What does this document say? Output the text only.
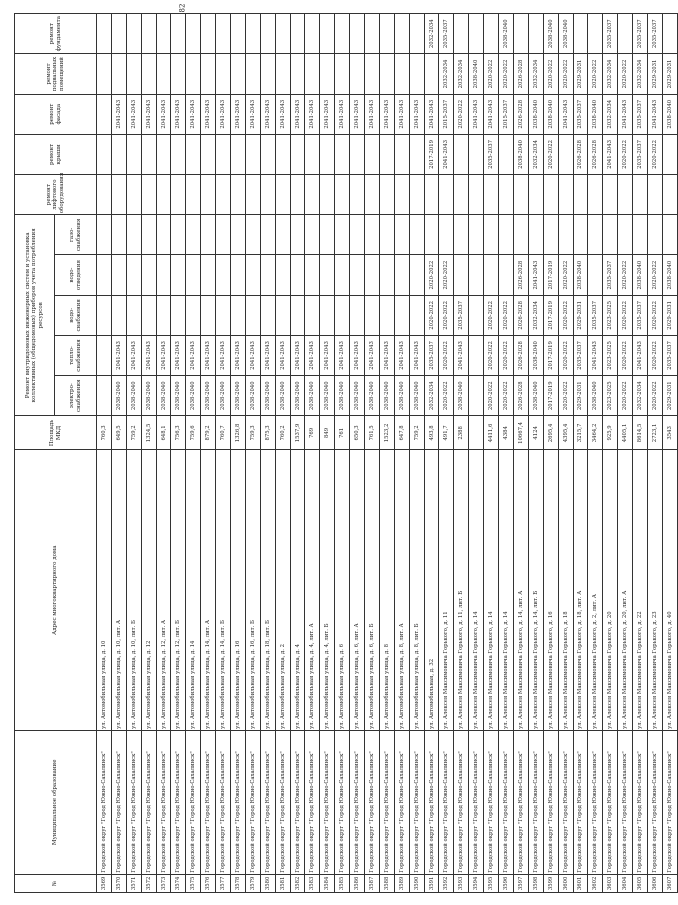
82
№	Муниципальное образование	Адрес многоквартирного дома	Площадь МКД	Ремонт внутридомовых инженерных систем и установка коллективных (общедомовых) приборов учета потребления ресурсов					ремонт лифтового оборудования	ремонт крыши	ремонт фасада	ремонт подвальных помещений	ремонт фундамента
				электро-снабжения	тепло-снабжения	водо-снабжения	водо-отведения	газо-снабжения					
3569	Городской округ "Город Южно-Сахалинск"	ул. Автомобильная улица, д. 10	760,3										
3570	Городской округ "Город Южно-Сахалинск"	ул. Автомобильная улица, д. 10, лит. А	649,5	2038-2040	2041-2043						2041-2043		
3571	Городской округ "Город Южно-Сахалинск"	ул. Автомобильная улица, д. 10, лит. Б	759,2	2038-2040	2041-2043						2041-2043		
3572	Городской округ "Город Южно-Сахалинск"	ул. Автомобильная улица, д. 12	1324,5	2038-2040	2041-2043						2041-2043		
3573	Городской округ "Город Южно-Сахалинск"	ул. Автомобильная улица, д. 12, лит. А	648,1	2038-2040	2041-2043						2041-2043		
3574	Городской округ "Город Южно-Сахалинск"	ул. Автомобильная улица, д. 12, лит. Б	756,3	2038-2040	2041-2043						2041-2043		
3575	Городской округ "Город Южно-Сахалинск"	ул. Автомобильная улица, д. 14	759,6	2038-2040	2041-2043						2041-2043		
3576	Городской округ "Город Южно-Сахалинск"	ул. Автомобильная улица, д. 14, лит. А	879,2	2038-2040	2041-2043						2041-2043		
3577	Городской округ "Город Южно-Сахалинск"	ул. Автомобильная улица, д. 14, лит. Б	760,7	2038-2040	2041-2043						2041-2043		
3578	Городской округ "Город Южно-Сахалинск"	ул. Автомобильная улица, д. 16	1326,8	2038-2040	2041-2043						2041-2043		
3579	Городской округ "Город Южно-Сахалинск"	ул. Автомобильная улица, д. 16, лит. Б	759,3	2038-2040	2041-2043						2041-2043		
3580	Городской округ "Город Южно-Сахалинск"	ул. Автомобильная улица, д. 18, лит. Б	875,3	2038-2040	2041-2043						2041-2043		
3581	Городской округ "Город Южно-Сахалинск"	ул. Автомобильная улица, д. 2	760,2	2038-2040	2041-2043						2041-2043		
3582	Городской округ "Город Южно-Сахалинск"	ул. Автомобильная улица, д. 4	1537,9	2038-2040	2041-2043						2041-2043		
3583	Городской округ "Город Южно-Сахалинск"	ул. Автомобильная улица, д. 4, лит. А	769	2038-2040	2041-2043						2041-2043		
3584	Городской округ "Город Южно-Сахалинск"	ул. Автомобильная улица, д. 4, лит. Б	849	2038-2040	2041-2043						2041-2043		
3585	Городской округ "Город Южно-Сахалинск"	ул. Автомобильная улица, д. 6	761	2038-2040	2041-2043						2041-2043		
3586	Городской округ "Город Южно-Сахалинск"	ул. Автомобильная улица, д. 6, лит. А	650,3	2038-2040	2041-2043						2041-2043		
3587	Городской округ "Город Южно-Сахалинск"	ул. Автомобильная улица, д. 6, лит. Б	761,5	2038-2040	2041-2043						2041-2043		
3588	Городской округ "Город Южно-Сахалинск"	ул. Автомобильная улица, д. 8	1523,2	2038-2040	2041-2043						2041-2043		
3589	Городской округ "Город Южно-Сахалинск"	ул. Автомобильная улица, д. 8, лит. А	647,8	2038-2040	2041-2043						2041-2043		
3590	Городской округ "Город Южно-Сахалинск"	ул. Автомобильная улица, д. 8, лит. Б	759,2	2038-2040	2041-2043						2041-2043		
3591	Городской округ "Город Южно-Сахалинск"	ул. Автомобильная, д. 32	493,8	2032-2034	2035-2037	2020-2022	2020-2022			2017-2019	2041-2043		2032-2034
3592	Городской округ "Город Южно-Сахалинск"	ул. Алексея Максимовича Горького, д. 11	491,7	2020-2022	2020-2022	2020-2022	2020-2022			2041-2043	2015-2037	2032-2034	2035-2037
3593	Городской округ "Город Южно-Сахалинск"	ул. Алексея Максимовича Горького, д. 11, лит. Б	2388	2038-2040	2041-2043	2035-2037					2020-2022	2032-2034	
3594	Городской округ "Город Южно-Сахалинск"	ул. Алексея Максимовича Горького, д. 14									2041-2043	2038-2040	
3595	Городской округ "Город Южно-Сахалинск"	ул. Алексея Максимовича Горького, д. 14	4411,6	2020-2022	2020-2022	2020-2022				2035-2037	2041-2043	2020-2022	
3596	Городской округ "Город Южно-Сахалинск"	ул. Алексея Максимовича Горького, д. 14	4384	2020-2022	2020-2022	2020-2022					2015-2037	2020-2022	2038-2040
3597	Городской округ "Город Южно-Сахалинск"	ул. Алексея Максимовича Горького, д. 14, лит. А	10667,4	2026-2028	2026-2028	2026-2028	2026-2028			2038-2040	2026-2028	2026-2028	
3598	Городской округ "Город Южно-Сахалинск"	ул. Алексея Максимовича Горького, д. 14, лит. Б	4124	2038-2040	2038-2040	2032-2034	2041-2043			2032-2034	2038-2040	2032-2034	
3599	Городской округ "Город Южно-Сахалинск"	ул. Алексея Максимовича Горького, д. 16	2695,4	2017-2019	2017-2019	2017-2019	2017-2019			2020-2022	2038-2040	2020-2022	2038-2040
3600	Городской округ "Город Южно-Сахалинск"	ул. Алексея Максимовича Горького, д. 18	4395,4	2020-2022	2020-2022	2020-2022	2020-2022				2041-2043	2020-2022	2038-2040
3601	Городской округ "Город Южно-Сахалинск"	ул. Алексея Максимовича Горького, д. 18, лит. А	3215,7	2029-2031	2035-2037	2029-2031	2038-2040			2026-2028	2035-2037	2029-2031	
3602	Городской округ "Город Южно-Сахалинск"	ул. Алексея Максимовича Горького, д. 2, лит. А	3464,2	2038-2040	2041-2043	2035-2037				2026-2028	2038-2040	2020-2022	
3603	Городской округ "Город Южно-Сахалинск"	ул. Алексея Максимовича Горького, д. 20	925,9	2023-2025	2023-2025	2023-2025	2035-2037			2041-2043	2032-2034	2032-2034	2035-2037
3604	Городской округ "Город Южно-Сахалинск"	ул. Алексея Максимовича Горького, д. 20, лит. А	4405,1	2020-2022	2020-2022	2020-2022	2020-2022			2020-2022	2041-2043	2020-2022	
3605	Городской округ "Город Южно-Сахалинск"	ул. Алексея Максимовича Горького, д. 22	8614,5	2032-2034	2041-2043	2035-2037	2038-2040			2035-2037	2035-2037	2032-2034	2035-2037
3606	Городской округ "Город Южно-Сахалинск"	ул. Алексея Максимовича Горького, д. 23	2723,1	2020-2022	2020-2022	2020-2022	2020-2022			2020-2022	2041-2043	2029-2031	2035-2037
3607	Городской округ "Город Южно-Сахалинск"	ул. Алексея Максимовича Горького, д. 40	3543	2029-2031	2035-2037	2029-2031	2038-2040				2038-2040	2029-2031	
